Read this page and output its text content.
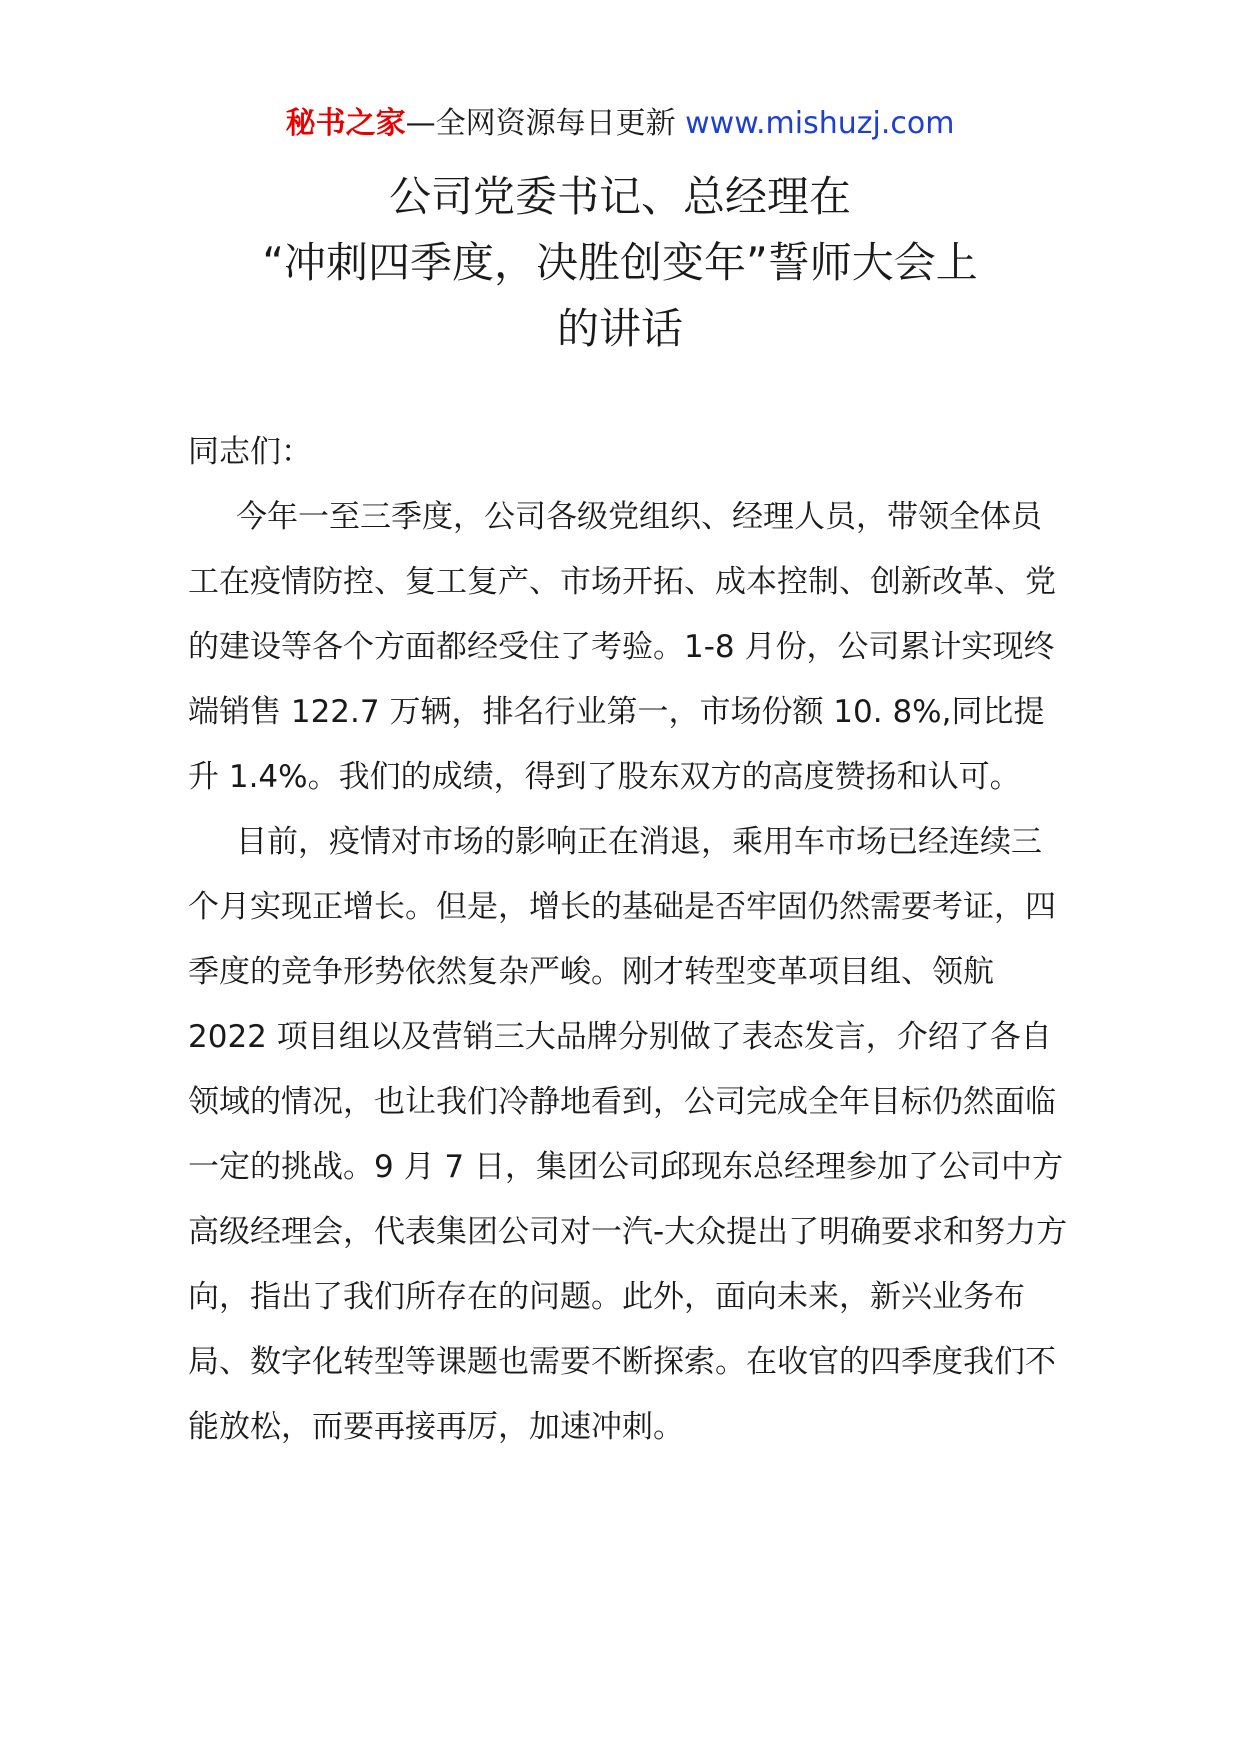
秘书之家—全网资源每日更新 www.mishuzj.com
公司党委书记、总经理在
“冲刺四季度，决胜创变年”誓师大会上
的讲话

同志们：

今年一至三季度，公司各级党组织、经理人员，带领全体员工在疫情防控、复工复产、市场开拓、成本控制、创新改革、党的建设等各个方面都经受住了考验。1-8 月份，公司累计实现终 端销售 122.7 万辆，排名行业第一，市场份额 10. 8%,同比提升 1.4%。我们的成绩，得到了股东双方的高度赞扬和认可。

目前，疫情对市场的影响正在消退，乘用车市场已经连续三 个月实现正增长。但是，增长的基础是否牢固仍然需要考证，四季度的竞争形势依然复杂严峻。刚才转型变革项目组、领航 2022 项目组以及营销三大品牌分别做了表态发言，介绍了各自领域的情况，也让我们冷静地看到，公司完成全年目标仍然面临一定的挑战。9 月 7 日，集团公司邱现东总经理参加了公司中方高级经理会，代表集团公司对一汽-大众提出了明确要求和努力方向，指出了我们所存在的问题。此外，面向未来，新兴业务布局、数字化转型等课题也需要不断探索。在收官的四季度我们不能放松，而要再接再厉，加速冲刺。
